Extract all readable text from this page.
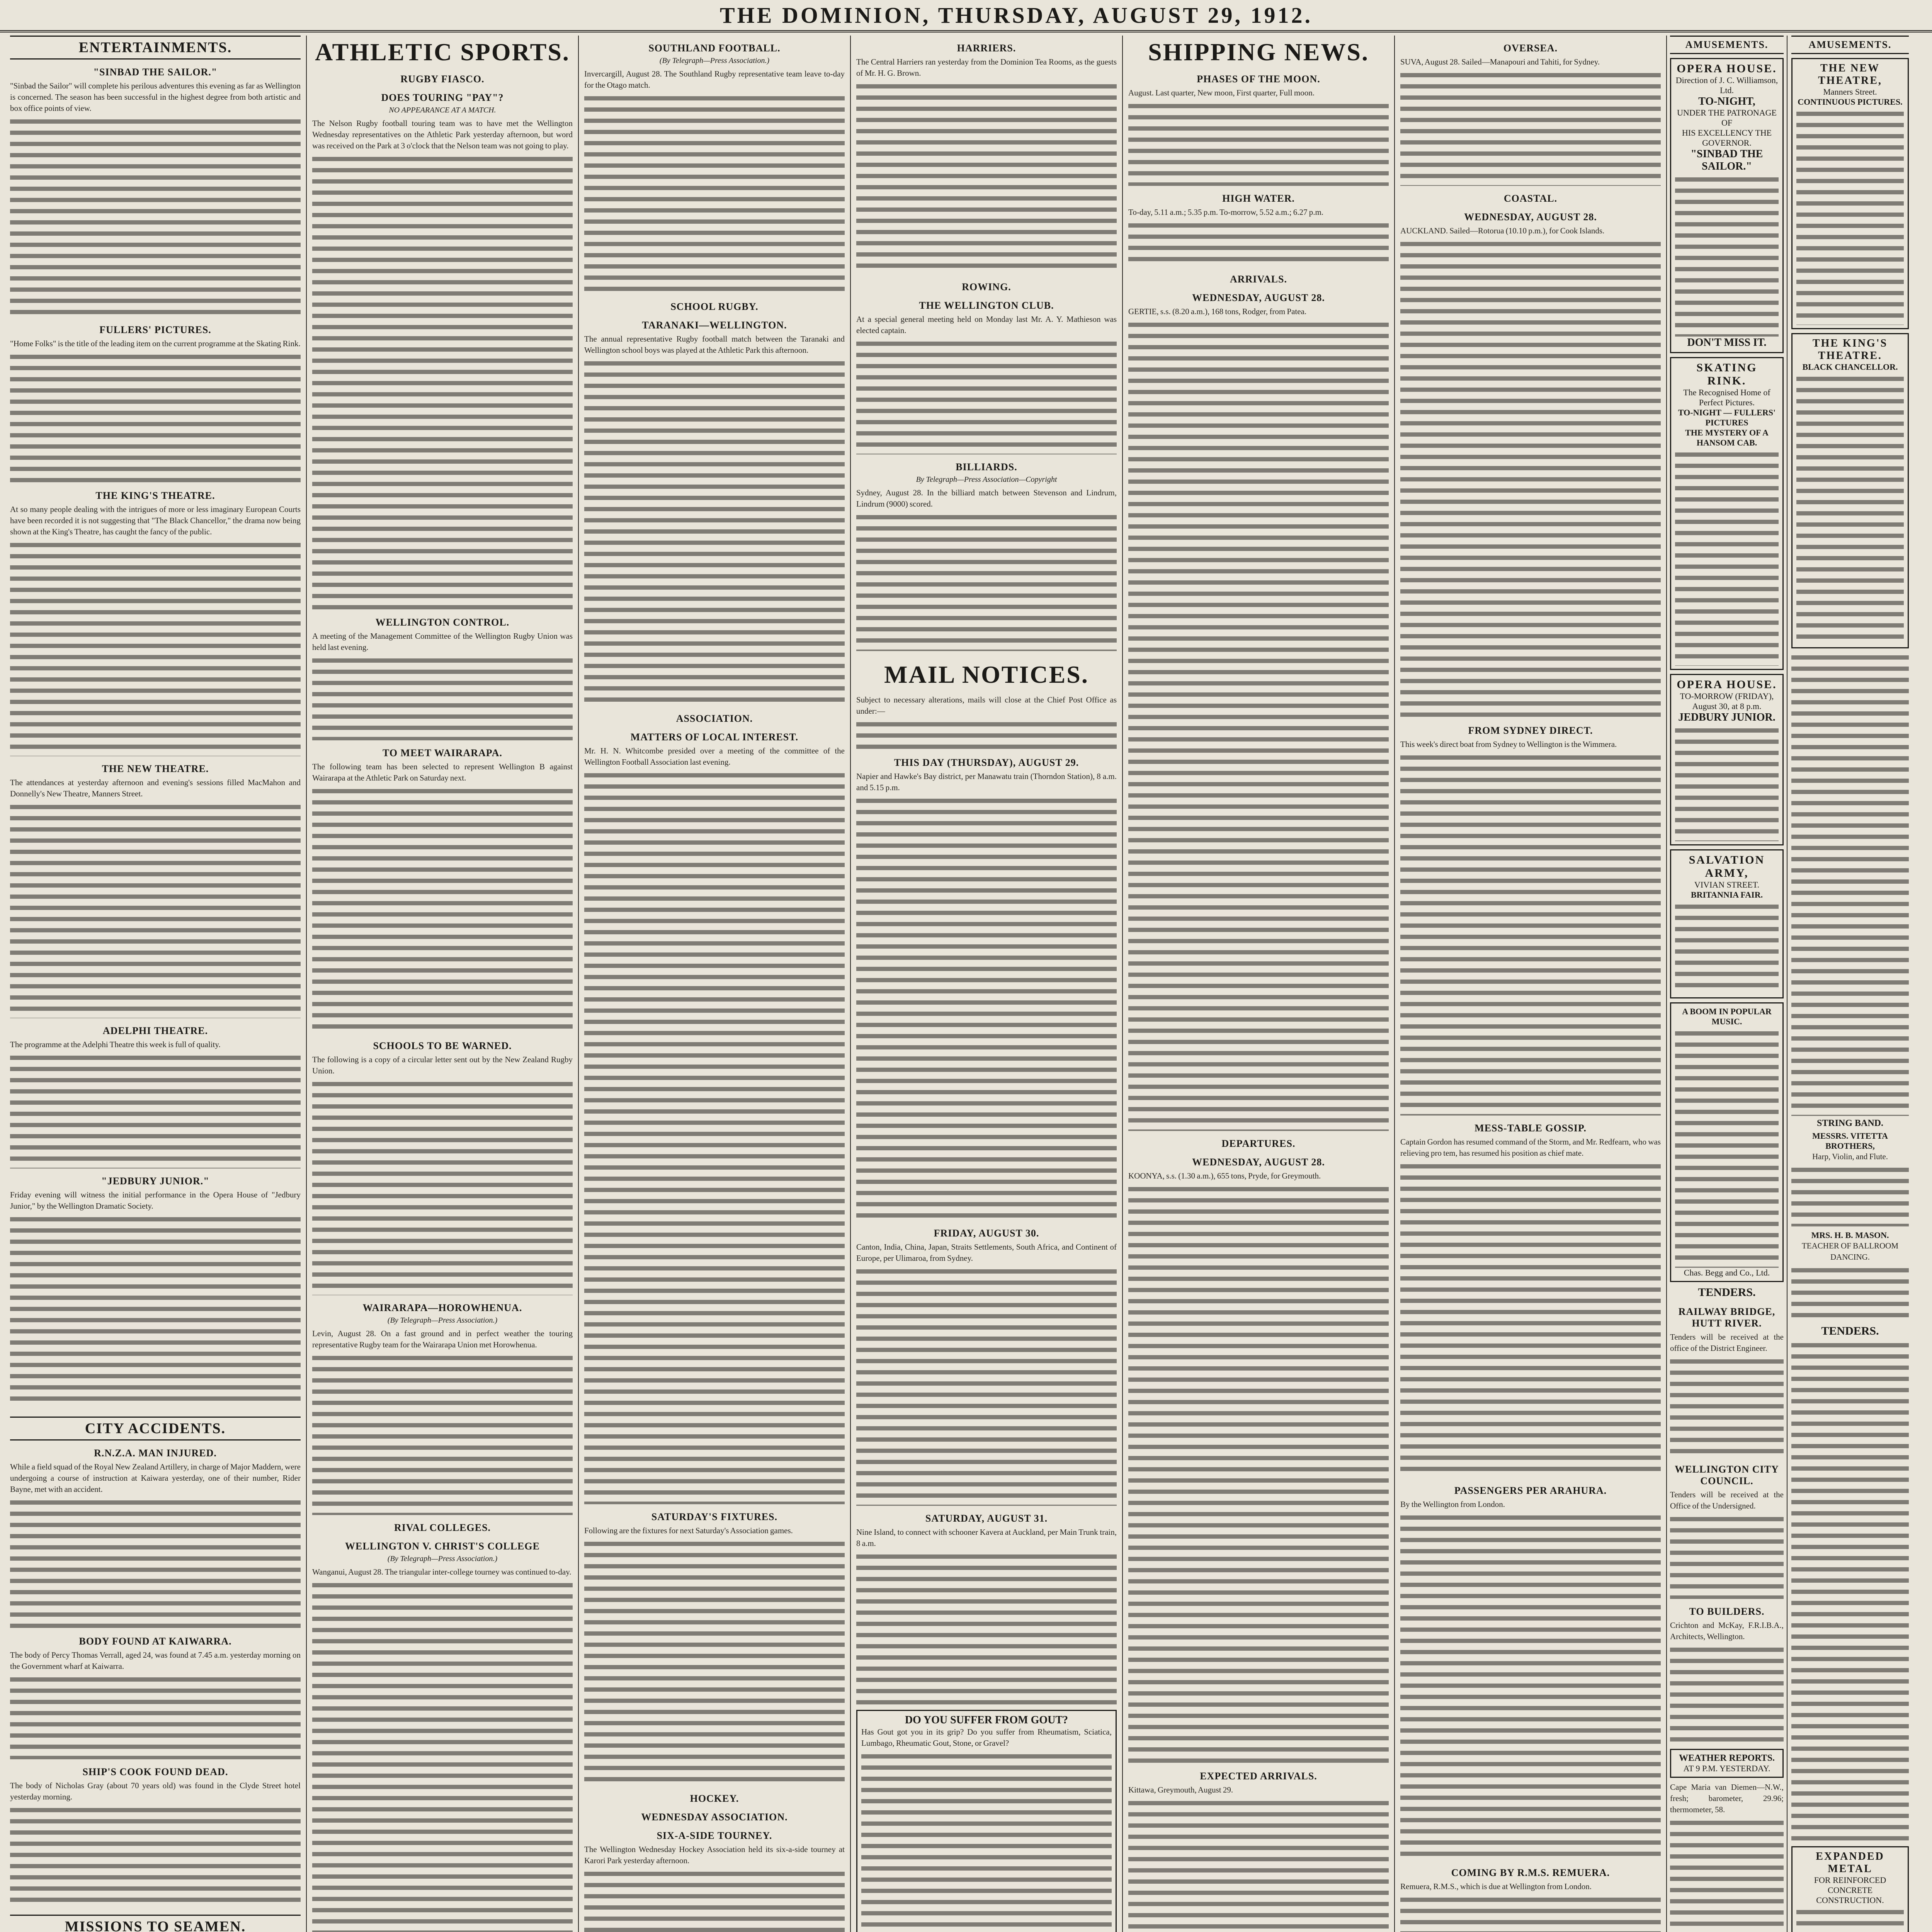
THE DOMINION, THURSDAY, AUGUST 29, 1912.
ENTERTAINMENTS.
"SINBAD THE SAILOR."

"Sinbad the Sailor" will complete his perilous adventures this evening as far as Wellington is concerned. The season has been successful in the highest degree from both artistic and box office points of view.

FULLERS' PICTURES.

"Home Folks" is the title of the leading item on the current programme at the Skating Rink.

THE KING'S THEATRE.

At so many people dealing with the intrigues of more or less imaginary European Courts have been recorded it is not suggesting that "The Black Chancellor," the drama now being shown at the King's Theatre, has caught the fancy of the public.

THE NEW THEATRE.

The attendances at yesterday afternoon and evening's sessions filled MacMahon and Donnelly's New Theatre, Manners Street.

ADELPHI THEATRE.

The programme at the Adelphi Theatre this week is full of quality.

"JEDBURY JUNIOR."

Friday evening will witness the initial performance in the Opera House of "Jedbury Junior," by the Wellington Dramatic Society.

CITY ACCIDENTS.
R.N.Z.A. MAN INJURED.

While a field squad of the Royal New Zealand Artillery, in charge of Major Maddern, were undergoing a course of instruction at Kaiwara yesterday, one of their number, Rider Bayne, met with an accident.

BODY FOUND AT KAIWARRA.

The body of Percy Thomas Verrall, aged 24, was found at 7.45 a.m. yesterday morning on the Government wharf at Kaiwarra.

SHIP'S COOK FOUND DEAD.

The body of Nicholas Gray (about 70 years old) was found in the Clyde Street hotel yesterday morning.

MISSIONS TO SEAMEN.

ATHLETIC SPORTS.
RUGBY FIASCO.
DOES TOURING "PAY"?
NO APPEARANCE AT A MATCH.

The Nelson Rugby football touring team was to have met the Wellington Wednesday representatives on the Athletic Park yesterday afternoon, but word was received on the Park at 3 o'clock that the Nelson team was not going to play.

WELLINGTON CONTROL.

A meeting of the Management Committee of the Wellington Rugby Union was held last evening.

TO MEET WAIRARAPA.

The following team has been selected to represent Wellington B against Wairarapa at the Athletic Park on Saturday next.

SCHOOLS TO BE WARNED.

The following is a copy of a circular letter sent out by the New Zealand Rugby Union.

WAIRARAPA—HOROWHENUA.
(By Telegraph—Press Association.)

Levin, August 28. On a fast ground and in perfect weather the touring representative Rugby team for the Wairarapa Union met Horowhenua.

RIVAL COLLEGES.
WELLINGTON V. CHRIST'S COLLEGE
(By Telegraph—Press Association.)

Wanganui, August 28. The triangular inter-college tourney was continued to-day.

SOUTHLAND FOOTBALL.
(By Telegraph—Press Association.)

Invercargill, August 28. The Southland Rugby representative team leave to-day for the Otago match.

SCHOOL RUGBY.
TARANAKI—WELLINGTON.

The annual representative Rugby football match between the Taranaki and Wellington school boys was played at the Athletic Park this afternoon.

ASSOCIATION.
MATTERS OF LOCAL INTEREST.

Mr. H. N. Whitcombe presided over a meeting of the committee of the Wellington Football Association last evening.

SATURDAY'S FIXTURES.

Following are the fixtures for next Saturday's Association games.

HOCKEY.
WEDNESDAY ASSOCIATION.
SIX-A-SIDE TOURNEY.

The Wellington Wednesday Hockey Association held its six-a-side tourney at Karori Park yesterday afternoon.

HARRIERS.

The Central Harriers ran yesterday from the Dominion Tea Rooms, as the guests of Mr. H. G. Brown.

ROWING.
THE WELLINGTON CLUB.

At a special general meeting held on Monday last Mr. A. Y. Mathieson was elected captain.

BILLIARDS.
By Telegraph—Press Association—Copyright

Sydney, August 28. In the billiard match between Stevenson and Lindrum, Lindrum (9000) scored.

MAIL NOTICES.

Subject to necessary alterations, mails will close at the Chief Post Office as under:—

THIS DAY (THURSDAY), AUGUST 29.

Napier and Hawke's Bay district, per Manawatu train (Thorndon Station), 8 a.m. and 5.15 p.m.

FRIDAY, AUGUST 30.

Canton, India, China, Japan, Straits Settlements, South Africa, and Continent of Europe, per Ulimaroa, from Sydney.

SATURDAY, AUGUST 31.

Nine Island, to connect with schooner Kavera at Auckland, per Main Trunk train, 8 a.m.

DO YOU SUFFER FROM GOUT?
Has Gout got you in its grip? Do you suffer from Rheumatism, Sciatica, Lumbago, Rheumatic Gout, Stone, or Gravel?
SHIPPING NEWS.
PHASES OF THE MOON.

August. Last quarter, New moon, First quarter, Full moon.

HIGH WATER.

To-day, 5.11 a.m.; 5.35 p.m. To-morrow, 5.52 a.m.; 6.27 p.m.

ARRIVALS.
WEDNESDAY, AUGUST 28.

GERTIE, s.s. (8.20 a.m.), 168 tons, Rodger, from Patea.

DEPARTURES.
WEDNESDAY, AUGUST 28.

KOONYA, s.s. (1.30 a.m.), 655 tons, Pryde, for Greymouth.

EXPECTED ARRIVALS.

Kittawa, Greymouth, August 29.

OVERSEA.

SUVA, August 28. Sailed—Manapouri and Tahiti, for Sydney.

COASTAL.
WEDNESDAY, AUGUST 28.

AUCKLAND. Sailed—Rotorua (10.10 p.m.), for Cook Islands.

FROM SYDNEY DIRECT.

This week's direct boat from Sydney to Wellington is the Wimmera.

MESS-TABLE GOSSIP.

Captain Gordon has resumed command of the Storm, and Mr. Redfearn, who was relieving pro tem, has resumed his position as chief mate.

PASSENGERS PER ARAHURA.

By the Wellington from London.

COMING BY R.M.S. REMUERA.

Remuera, R.M.S., which is due at Wellington from London.

AMUSEMENTS.
OPERA HOUSE.
Direction of J. C. Williamson, Ltd.
TO-NIGHT,
UNDER THE PATRONAGE OF
HIS EXCELLENCY THE GOVERNOR.
"SINBAD THE SAILOR."
DON'T MISS IT.
SKATING RINK.
The Recognised Home of Perfect Pictures.
TO-NIGHT — FULLERS' PICTURES
THE MYSTERY OF A HANSOM CAB.
OPERA HOUSE.
TO-MORROW (FRIDAY), August 30, at 8 p.m.
JEDBURY JUNIOR.
SALVATION ARMY,
VIVIAN STREET.
BRITANNIA FAIR.
A BOOM IN POPULAR MUSIC.
Chas. Begg and Co., Ltd.
TENDERS.
RAILWAY BRIDGE, HUTT RIVER.

Tenders will be received at the office of the District Engineer.

WELLINGTON CITY COUNCIL.

Tenders will be received at the Office of the Undersigned.

TO BUILDERS.

Crichton and McKay, F.R.I.B.A., Architects, Wellington.

WEATHER REPORTS.
AT 9 P.M. YESTERDAY.
Cape Maria van Diemen—N.W., fresh; barometer, 29.96; thermometer, 58.
AMUSEMENTS.
THE NEW THEATRE,
Manners Street.
CONTINUOUS PICTURES.
THE KING'S THEATRE.
BLACK CHANCELLOR.
STRING BAND.
MESSRS. VITETTA BROTHERS,
Harp, Violin, and Flute.
MRS. H. B. MASON.
TEACHER OF BALLROOM DANCING.
TENDERS.
EXPANDED METAL
FOR REINFORCED CONCRETE CONSTRUCTION.
